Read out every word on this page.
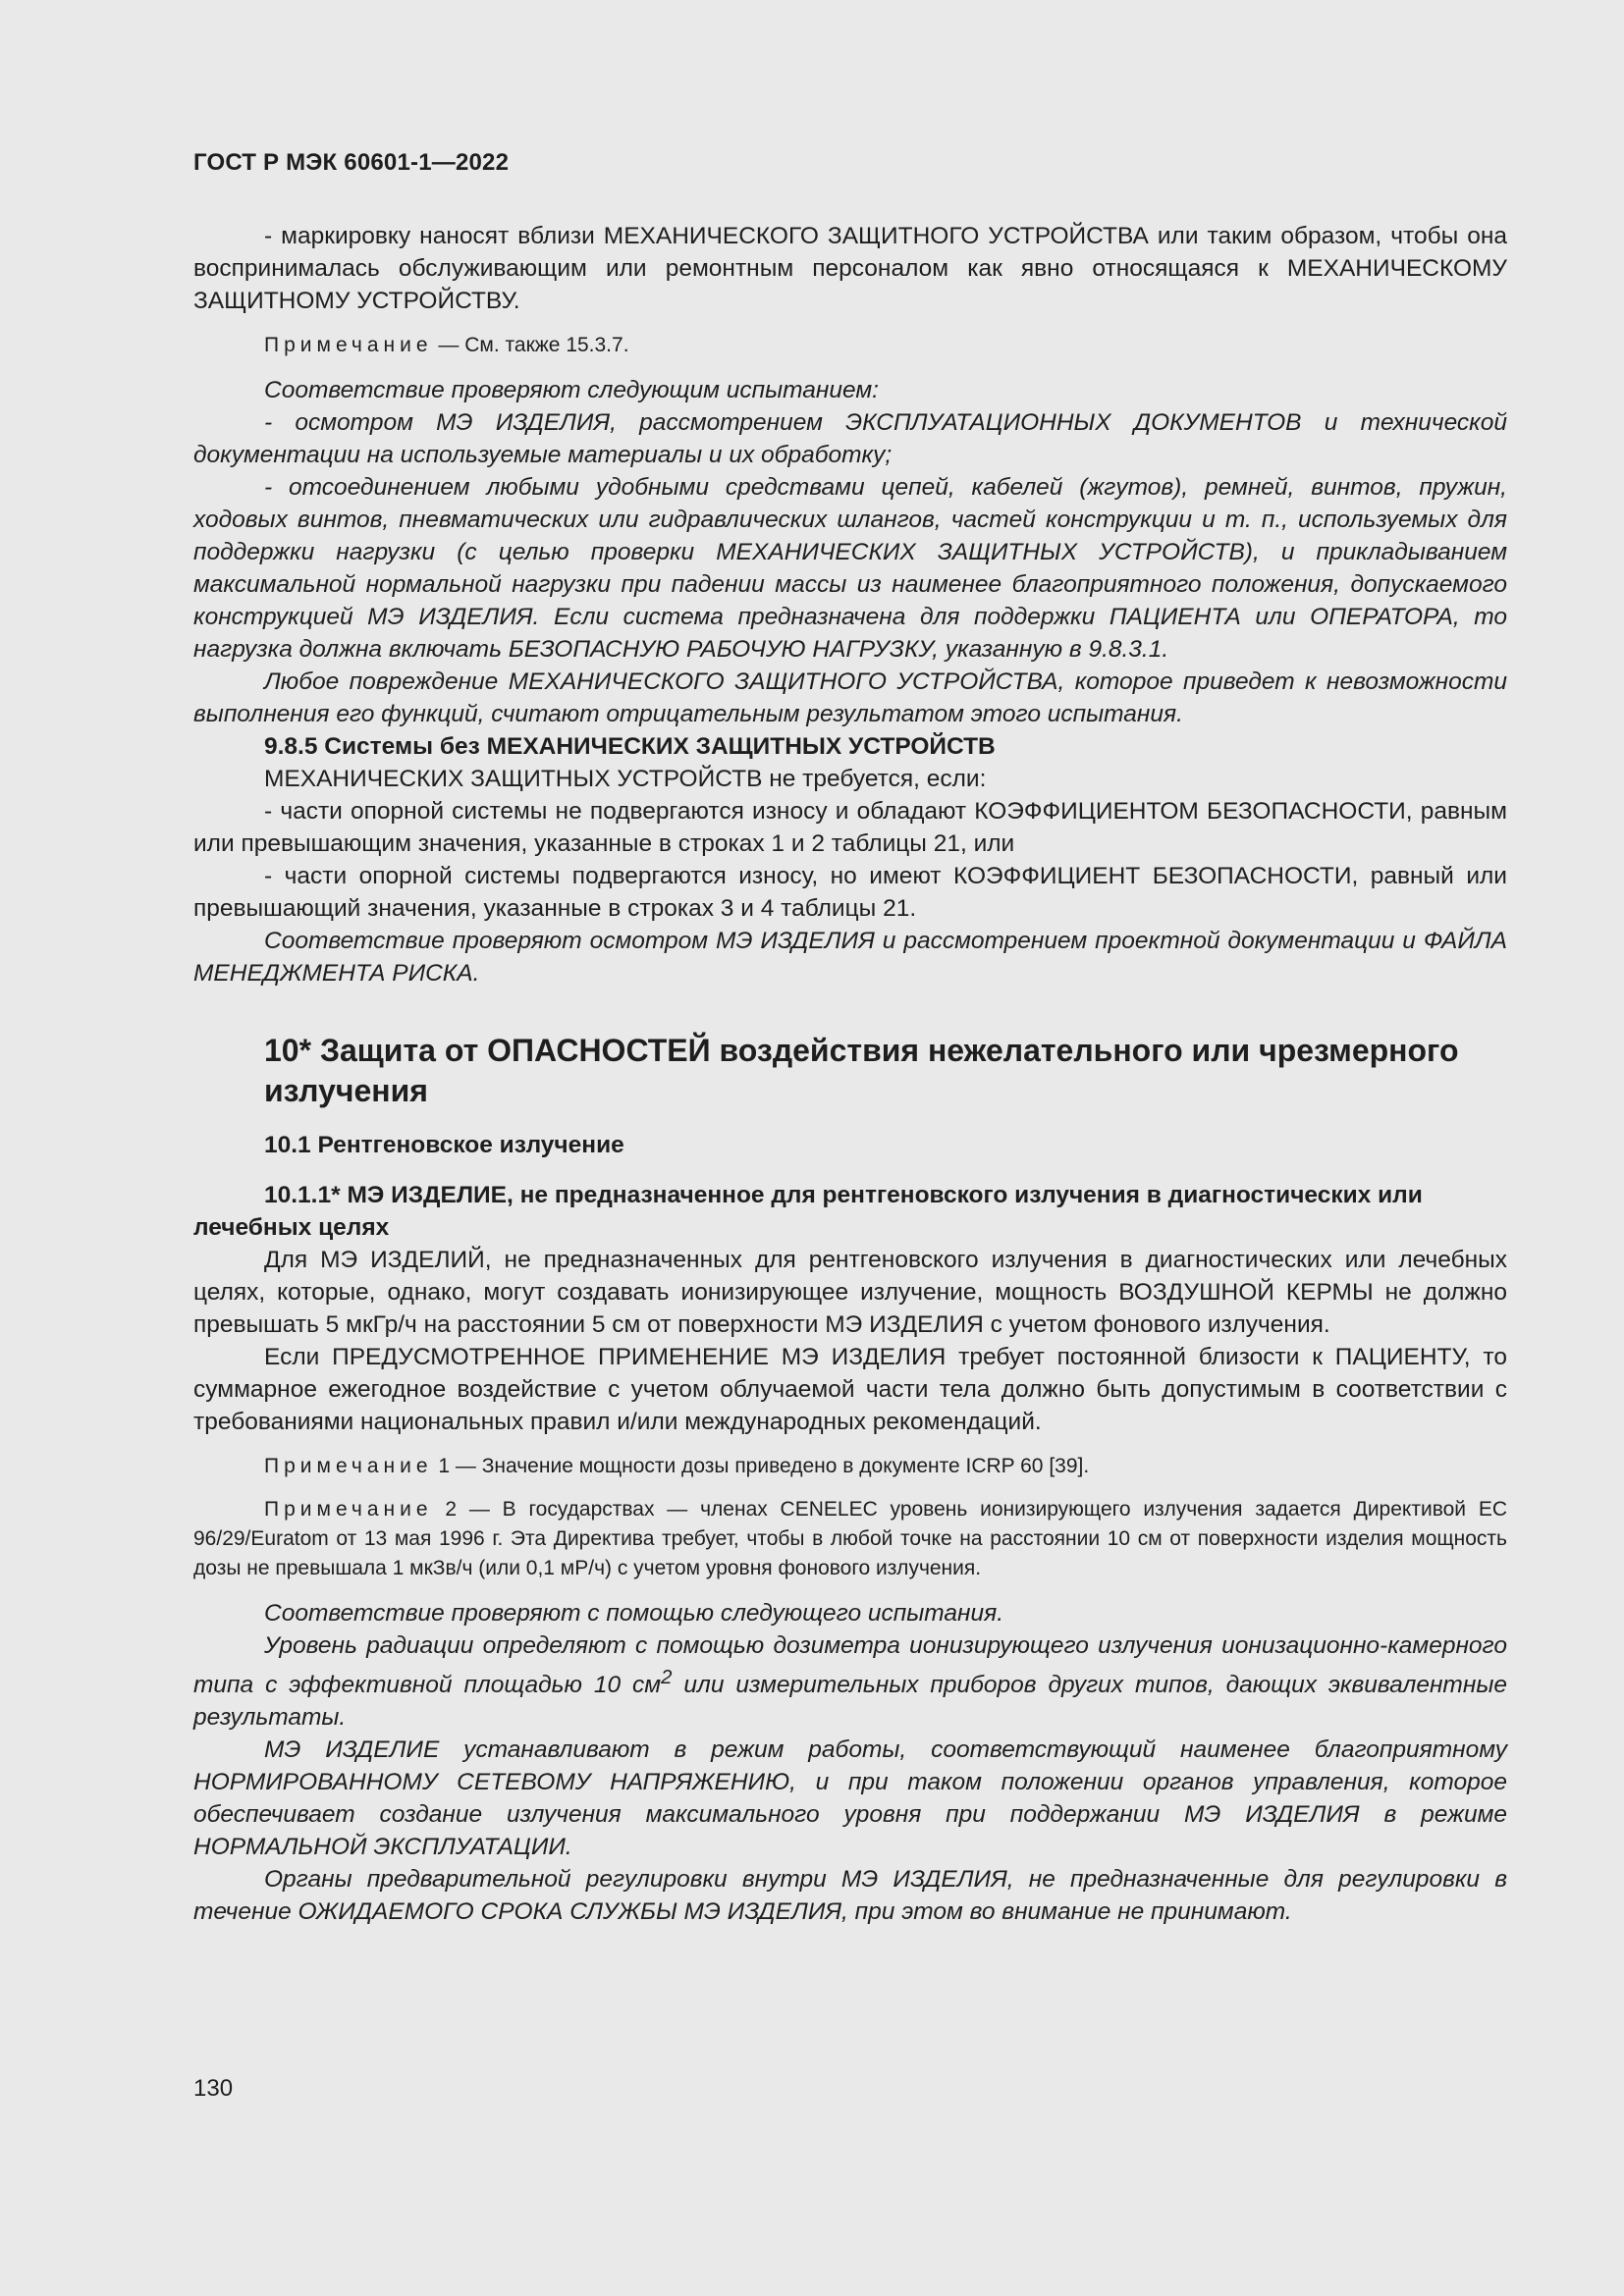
ГОСТ Р МЭК 60601-1—2022

- маркировку наносят вблизи МЕХАНИЧЕСКОГО ЗАЩИТНОГО УСТРОЙСТВА или таким образом, чтобы она воспринималась обслуживающим или ремонтным персоналом как явно относящаяся к МЕХАНИЧЕСКОМУ ЗАЩИТНОМУ УСТРОЙСТВУ.

Примечание — См. также 15.3.7.

Соответствие проверяют следующим испытанием:

- осмотром МЭ ИЗДЕЛИЯ, рассмотрением ЭКСПЛУАТАЦИОННЫХ ДОКУМЕНТОВ и технической документации на используемые материалы и их обработку;

- отсоединением любыми удобными средствами цепей, кабелей (жгутов), ремней, винтов, пружин, ходовых винтов, пневматических или гидравлических шлангов, частей конструкции и т. п., используемых для поддержки нагрузки (с целью проверки МЕХАНИЧЕСКИХ ЗАЩИТНЫХ УСТРОЙСТВ), и прикладыванием максимальной нормальной нагрузки при падении массы из наименее благоприятного положения, допускаемого конструкцией МЭ ИЗДЕЛИЯ. Если система предназначена для поддержки ПАЦИЕНТА или ОПЕРАТОРА, то нагрузка должна включать БЕЗОПАСНУЮ РАБОЧУЮ НАГРУЗКУ, указанную в 9.8.3.1.

Любое повреждение МЕХАНИЧЕСКОГО ЗАЩИТНОГО УСТРОЙСТВА, которое приведет к невозможности выполнения его функций, считают отрицательным результатом этого испытания.

9.8.5 Системы без МЕХАНИЧЕСКИХ ЗАЩИТНЫХ УСТРОЙСТВ

МЕХАНИЧЕСКИХ ЗАЩИТНЫХ УСТРОЙСТВ не требуется, если:

- части опорной системы не подвергаются износу и обладают КОЭФФИЦИЕНТОМ БЕЗОПАСНОСТИ, равным или превышающим значения, указанные в строках 1 и 2 таблицы 21, или

- части опорной системы подвергаются износу, но имеют КОЭФФИЦИЕНТ БЕЗОПАСНОСТИ, равный или превышающий значения, указанные в строках 3 и 4 таблицы 21.

Соответствие проверяют осмотром МЭ ИЗДЕЛИЯ и рассмотрением проектной документации и ФАЙЛА МЕНЕДЖМЕНТА РИСКА.

10* Защита от ОПАСНОСТЕЙ воздействия нежелательного или чрезмерного излучения

10.1 Рентгеновское излучение

10.1.1* МЭ ИЗДЕЛИЕ, не предназначенное для рентгеновского излучения в диагностических или лечебных целях

Для МЭ ИЗДЕЛИЙ, не предназначенных для рентгеновского излучения в диагностических или лечебных целях, которые, однако, могут создавать ионизирующее излучение, мощность ВОЗДУШНОЙ КЕРМЫ не должно превышать 5 мкГр/ч на расстоянии 5 см от поверхности МЭ ИЗДЕЛИЯ с учетом фонового излучения.

Если ПРЕДУСМОТРЕННОЕ ПРИМЕНЕНИЕ МЭ ИЗДЕЛИЯ требует постоянной близости к ПАЦИЕНТУ, то суммарное ежегодное воздействие с учетом облучаемой части тела должно быть допустимым в соответствии с требованиями национальных правил и/или международных рекомендаций.

Примечание 1 — Значение мощности дозы приведено в документе ICRP 60 [39].

Примечание 2 — В государствах — членах CENELEC уровень ионизирующего излучения задается Директивой ЕС 96/29/Euratom от 13 мая 1996 г. Эта Директива требует, чтобы в любой точке на расстоянии 10 см от поверхности изделия мощность дозы не превышала 1 мкЗв/ч (или 0,1 мР/ч) с учетом уровня фонового излучения.

Соответствие проверяют с помощью следующего испытания.

Уровень радиации определяют с помощью дозиметра ионизирующего излучения ионизационно-камерного типа с эффективной площадью 10 $см^2$ или измерительных приборов других типов, дающих эквивалентные результаты.

МЭ ИЗДЕЛИЕ устанавливают в режим работы, соответствующий наименее благоприятному НОРМИРОВАННОМУ СЕТЕВОМУ НАПРЯЖЕНИЮ, и при таком положении органов управления, которое обеспечивает создание излучения максимального уровня при поддержании МЭ ИЗДЕЛИЯ в режиме НОРМАЛЬНОЙ ЭКСПЛУАТАЦИИ.

Органы предварительной регулировки внутри МЭ ИЗДЕЛИЯ, не предназначенные для регулировки в течение ОЖИДАЕМОГО СРОКА СЛУЖБЫ МЭ ИЗДЕЛИЯ, при этом во внимание не принимают.

130
